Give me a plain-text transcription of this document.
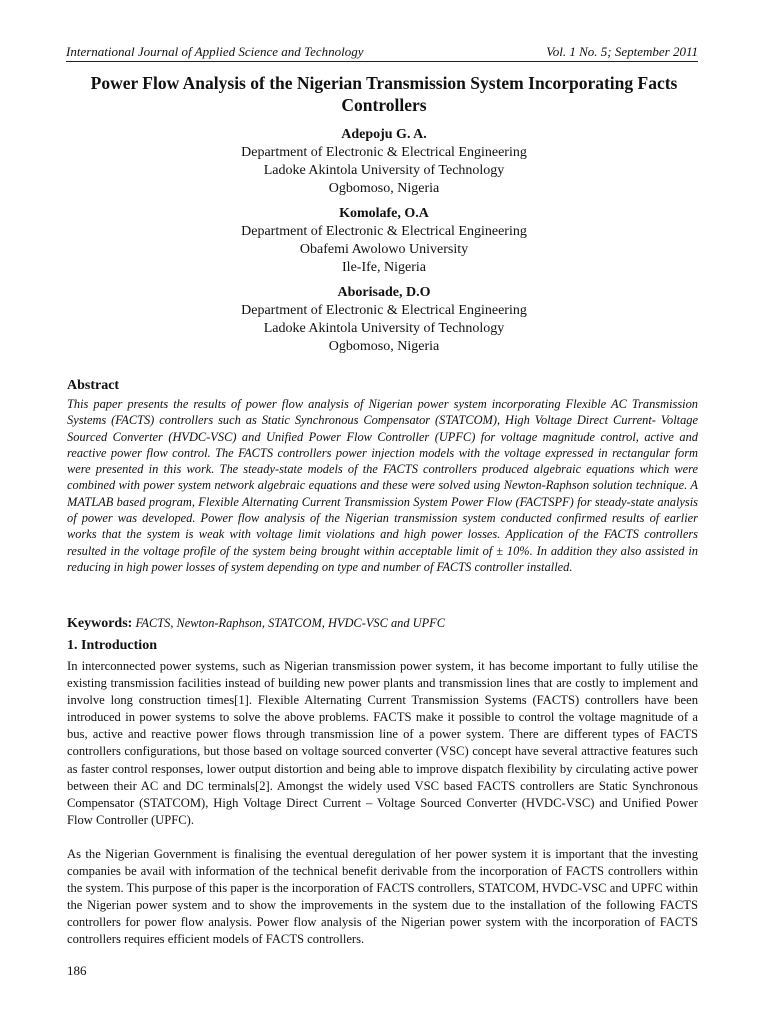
International Journal of Applied Science and Technology	Vol. 1 No. 5; September 2011
Power Flow Analysis of the Nigerian Transmission System Incorporating Facts Controllers
Adepoju G. A.
Department of Electronic & Electrical Engineering
Ladoke Akintola University of Technology
Ogbomoso, Nigeria
Komolafe, O.A
Department of Electronic & Electrical Engineering
Obafemi Awolowo University
Ile-Ife, Nigeria
Aborisade, D.O
Department of Electronic & Electrical Engineering
Ladoke Akintola University of Technology
Ogbomoso, Nigeria
Abstract
This paper presents the results of power flow analysis of Nigerian power system incorporating Flexible AC Transmission Systems (FACTS) controllers such as Static Synchronous Compensator (STATCOM), High Voltage Direct Current- Voltage Sourced Converter (HVDC-VSC) and Unified Power Flow Controller (UPFC) for voltage magnitude control, active and reactive power flow control. The FACTS controllers power injection models with the voltage expressed in rectangular form were presented in this work. The steady-state models of the FACTS controllers produced algebraic equations which were combined with power system network algebraic equations and these were solved using Newton-Raphson solution technique. A MATLAB based program, Flexible Alternating Current Transmission System Power Flow (FACTSPF) for steady-state analysis of power was developed. Power flow analysis of the Nigerian transmission system conducted confirmed results of earlier works that the system is weak with voltage limit violations and high power losses. Application of the FACTS controllers resulted in the voltage profile of the system being brought within acceptable limit of ± 10%. In addition they also assisted in reducing in high power losses of system depending on type and number of FACTS controller installed.
Keywords: FACTS, Newton-Raphson, STATCOM, HVDC-VSC and UPFC
1. Introduction

In interconnected power systems, such as Nigerian transmission power system, it has become important to fully utilise the existing transmission facilities instead of building new power plants and transmission lines that are costly to implement and involve long construction times[1]. Flexible Alternating Current Transmission Systems (FACTS) controllers have been introduced in power systems to solve the above problems. FACTS make it possible to control the voltage magnitude of a bus, active and reactive power flows through transmission line of a power system. There are different types of FACTS controllers configurations, but those based on voltage sourced converter (VSC) concept have several attractive features such as faster control responses, lower output distortion and being able to improve dispatch flexibility by circulating active power between their AC and DC terminals[2]. Amongst the widely used VSC based FACTS controllers are Static Synchronous Compensator (STATCOM), High Voltage Direct Current – Voltage Sourced Converter (HVDC-VSC) and Unified Power Flow Controller (UPFC).

As the Nigerian Government is finalising the eventual deregulation of her power system it is important that the investing companies be avail with information of the technical benefit derivable from the incorporation of FACTS controllers within the system. This purpose of this paper is the incorporation of FACTS controllers, STATCOM, HVDC-VSC and UPFC within the Nigerian power system and to show the improvements in the system due to the installation of the following FACTS controllers for power flow analysis. Power flow analysis of the Nigerian power system with the incorporation of FACTS controllers requires efficient models of FACTS controllers.

186
